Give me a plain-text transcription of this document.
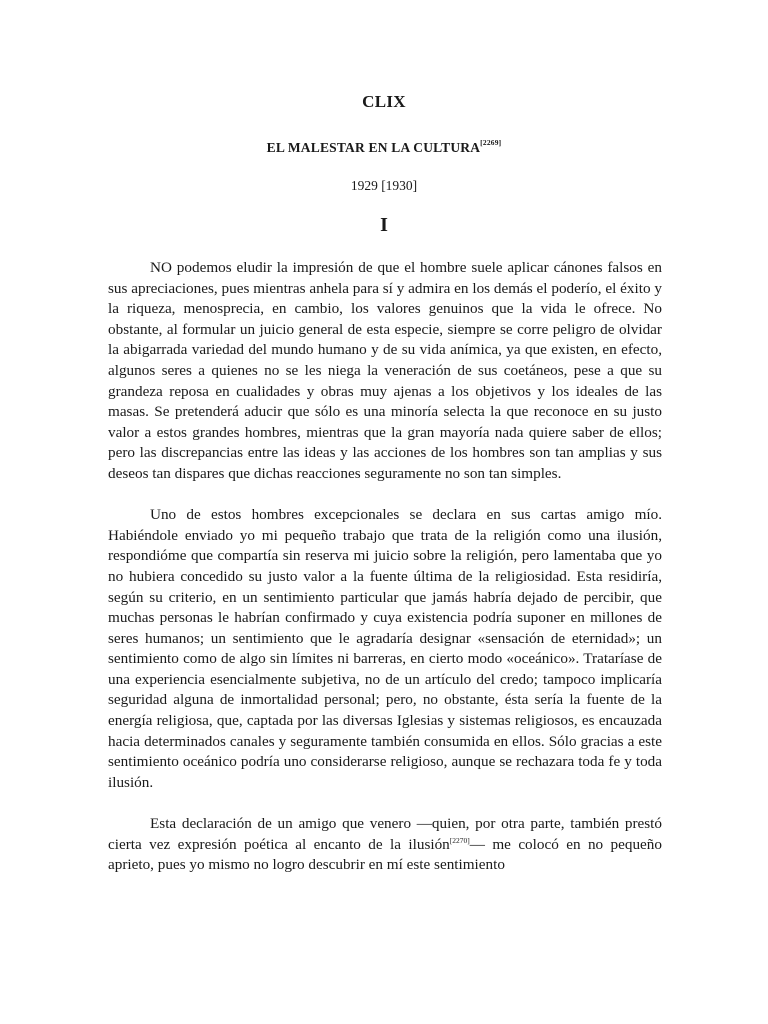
CLIX
EL MALESTAR EN LA CULTURA[2269]
1929 [1930]
I

NO podemos eludir la impresión de que el hombre suele aplicar cánones falsos en sus apreciaciones, pues mientras anhela para sí y admira en los demás el poderío, el éxito y la riqueza, menosprecia, en cambio, los valores genuinos que la vida le ofrece. No obstante, al formular un juicio general de esta especie, siempre se corre peligro de olvidar la abigarrada variedad del mundo humano y de su vida anímica, ya que existen, en efecto, algunos seres a quienes no se les niega la veneración de sus coetáneos, pese a que su grandeza reposa en cualidades y obras muy ajenas a los objetivos y los ideales de las masas. Se pretenderá aducir que sólo es una minoría selecta la que reconoce en su justo valor a estos grandes hombres, mientras que la gran mayoría nada quiere saber de ellos; pero las discrepancias entre las ideas y las acciones de los hombres son tan amplias y sus deseos tan dispares que dichas reacciones seguramente no son tan simples.

Uno de estos hombres excepcionales se declara en sus cartas amigo mío. Habiéndole enviado yo mi pequeño trabajo que trata de la religión como una ilusión, respondióme que compartía sin reserva mi juicio sobre la religión, pero lamentaba que yo no hubiera concedido su justo valor a la fuente última de la religiosidad. Esta residiría, según su criterio, en un sentimiento particular que jamás habría dejado de percibir, que muchas personas le habrían confirmado y cuya existencia podría suponer en millones de seres humanos; un sentimiento que le agradaría designar «sensación de eternidad»; un sentimiento como de algo sin límites ni barreras, en cierto modo «oceánico». Trataríase de una experiencia esencialmente subjetiva, no de un artículo del credo; tampoco implicaría seguridad alguna de inmortalidad personal; pero, no obstante, ésta sería la fuente de la energía religiosa, que, captada por las diversas Iglesias y sistemas religiosos, es encauzada hacia determinados canales y seguramente también consumida en ellos. Sólo gracias a este sentimiento oceánico podría uno considerarse religioso, aunque se rechazara toda fe y toda ilusión.

Esta declaración de un amigo que venero —quien, por otra parte, también prestó cierta vez expresión poética al encanto de la ilusión[2270]— me colocó en no pequeño aprieto, pues yo mismo no logro descubrir en mí este sentimiento
